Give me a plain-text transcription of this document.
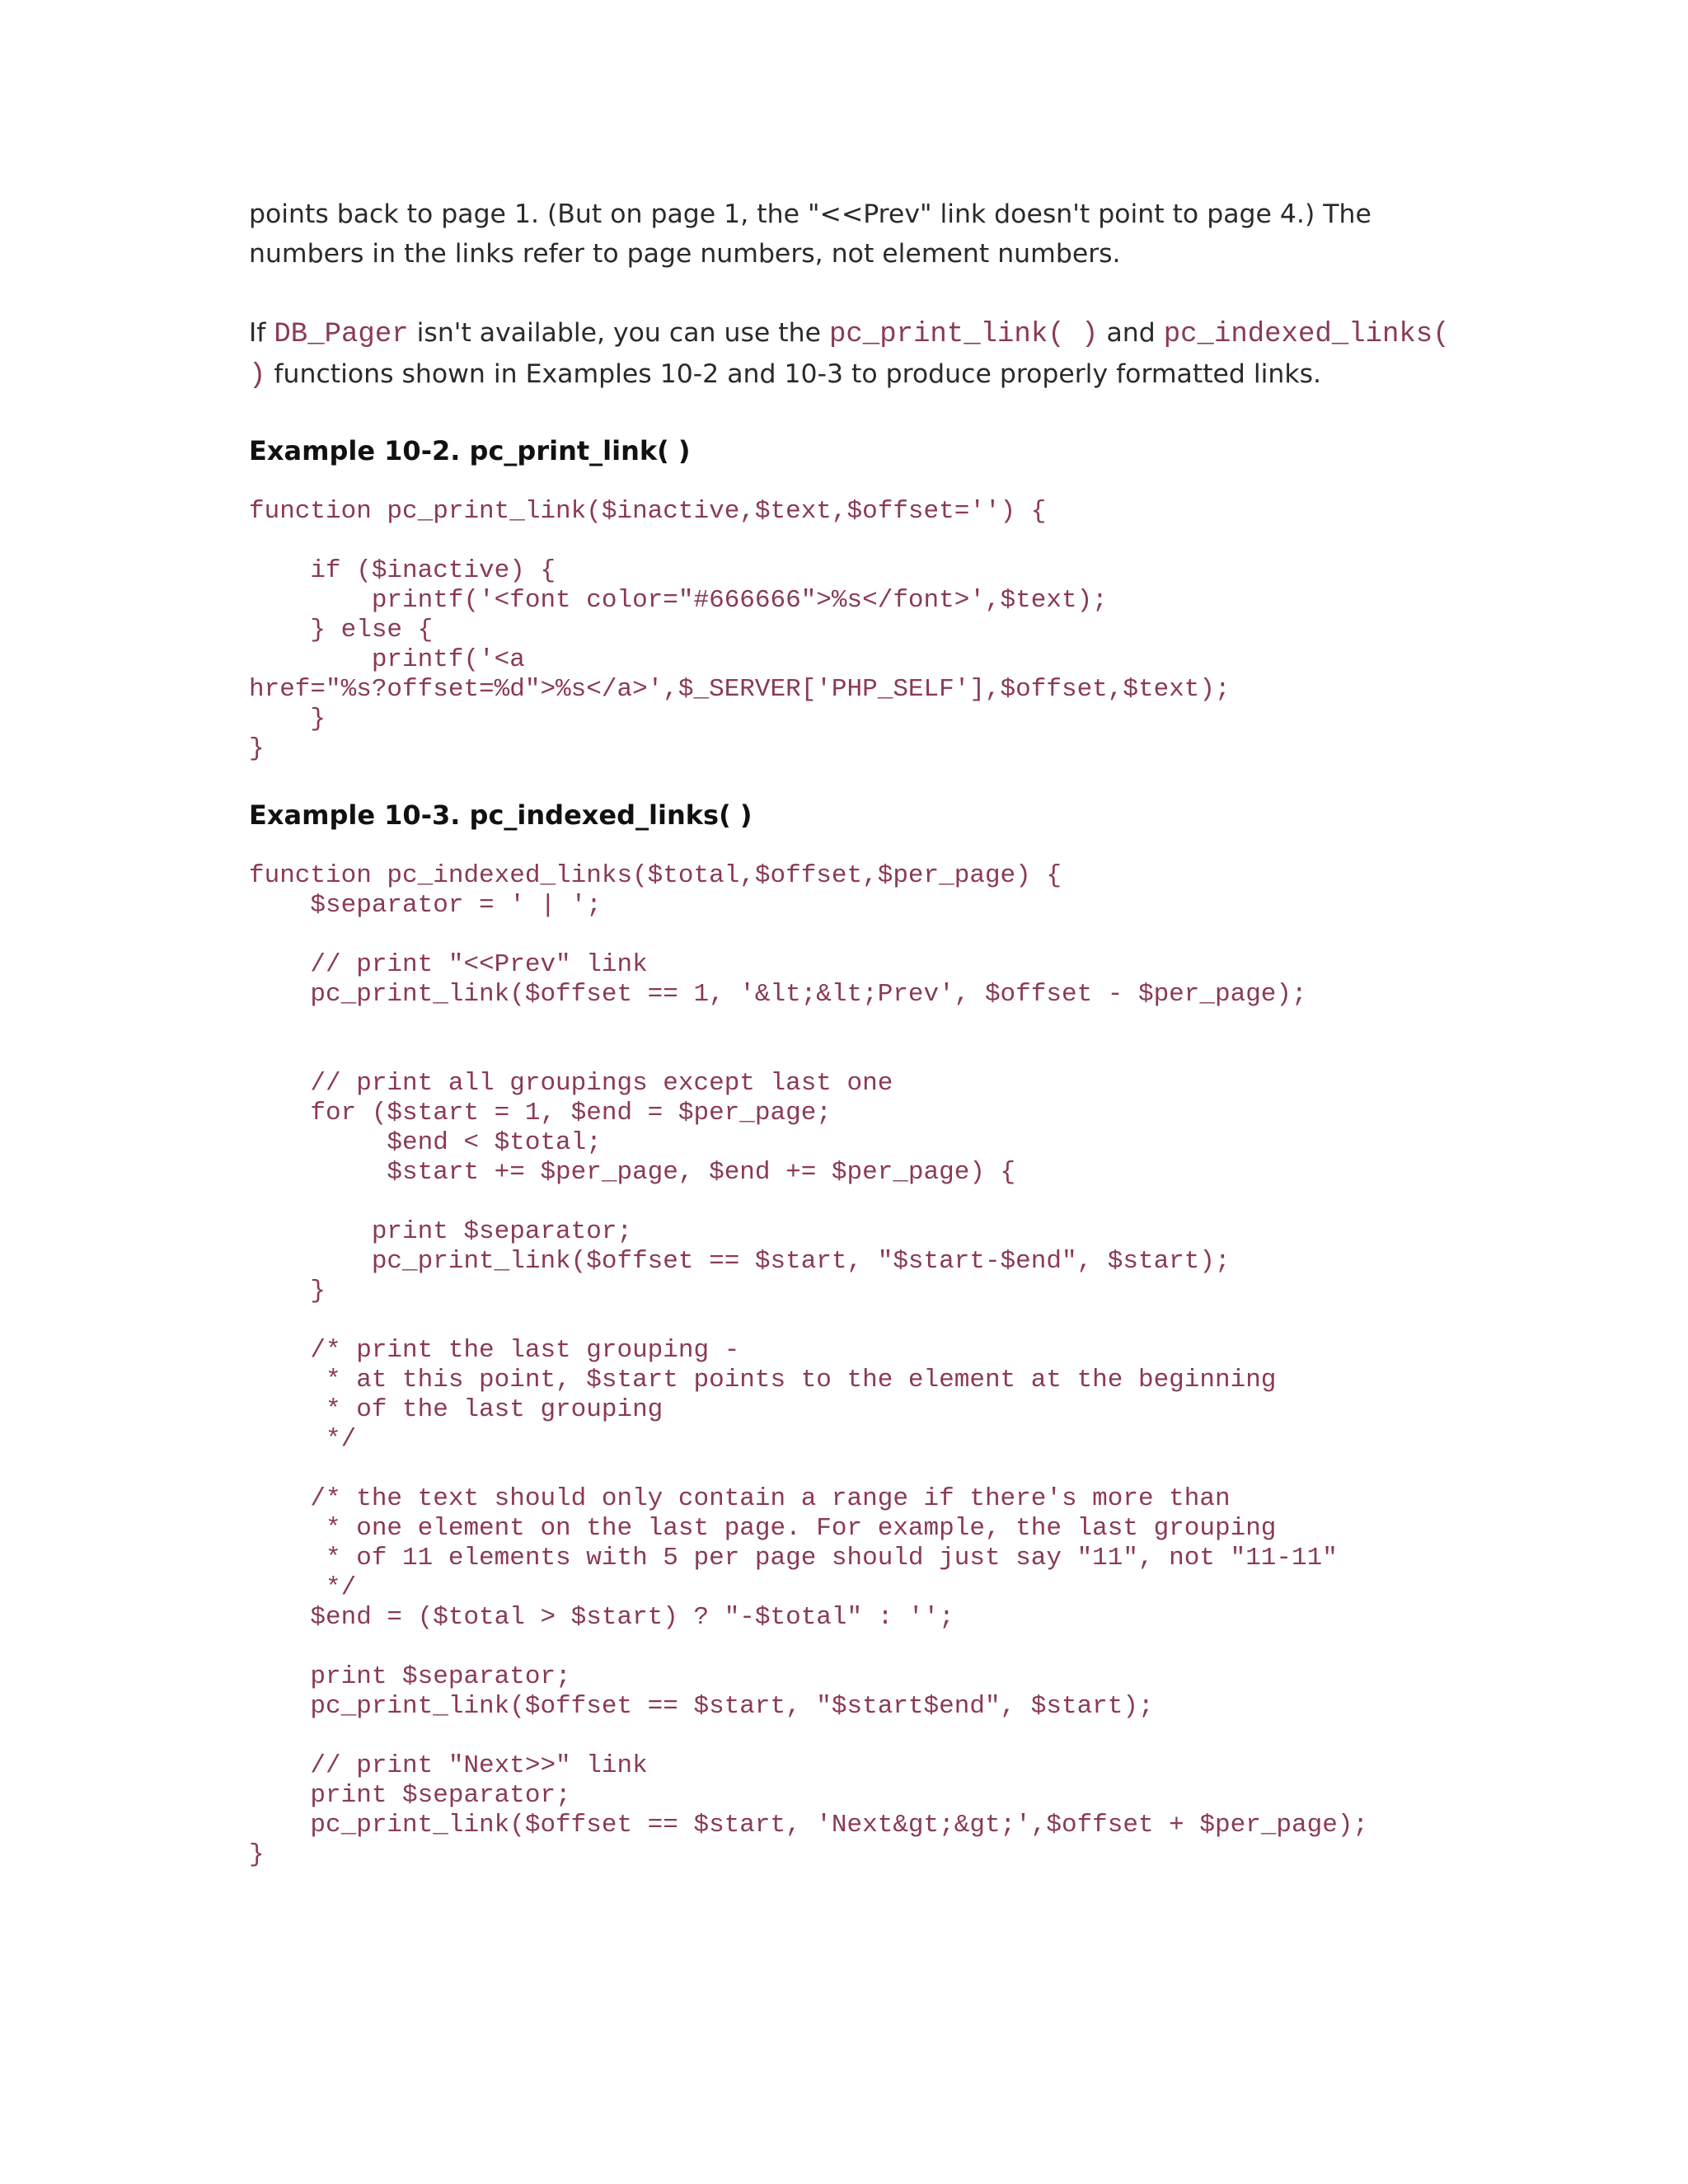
points back to page 1. (But on page 1, the "<<Prev" link doesn't point to page 4.) The numbers in the links refer to page numbers, not element numbers.

If DB_Pager isn't available, you can use the pc_print_link( ) and pc_indexed_links( ) functions shown in Examples 10-2 and 10-3 to produce properly formatted links.

Example 10-2. pc_print_link( )
function pc_print_link($inactive,$text,$offset='') {

if ($inactive) {
printf('<font color="#666666">%s</font>',$text);
} else {
printf('<a
href="%s?offset=%d">%s</a>',$_SERVER['PHP_SELF'],$offset,$text);
}
}
Example 10-3. pc_indexed_links( )
function pc_indexed_links($total,$offset,$per_page) {
$separator = ' | ';

// print "<<Prev" link
pc_print_link($offset == 1, '&lt;&lt;Prev', $offset - $per_page);

// print all groupings except last one
for ($start = 1, $end = $per_page;
$end < $total;
$start += $per_page, $end += $per_page) {

print $separator;
pc_print_link($offset == $start, "$start-$end", $start);
}

/* print the last grouping -
* at this point, $start points to the element at the beginning
* of the last grouping
*/

/* the text should only contain a range if there's more than
* one element on the last page. For example, the last grouping
* of 11 elements with 5 per page should just say "11", not "11-11"
*/
$end = ($total > $start) ? "-$total" : '';

print $separator;
pc_print_link($offset == $start, "$start$end", $start);

// print "Next>>" link
print $separator;
pc_print_link($offset == $start, 'Next&gt;&gt;',$offset + $per_page);
}
